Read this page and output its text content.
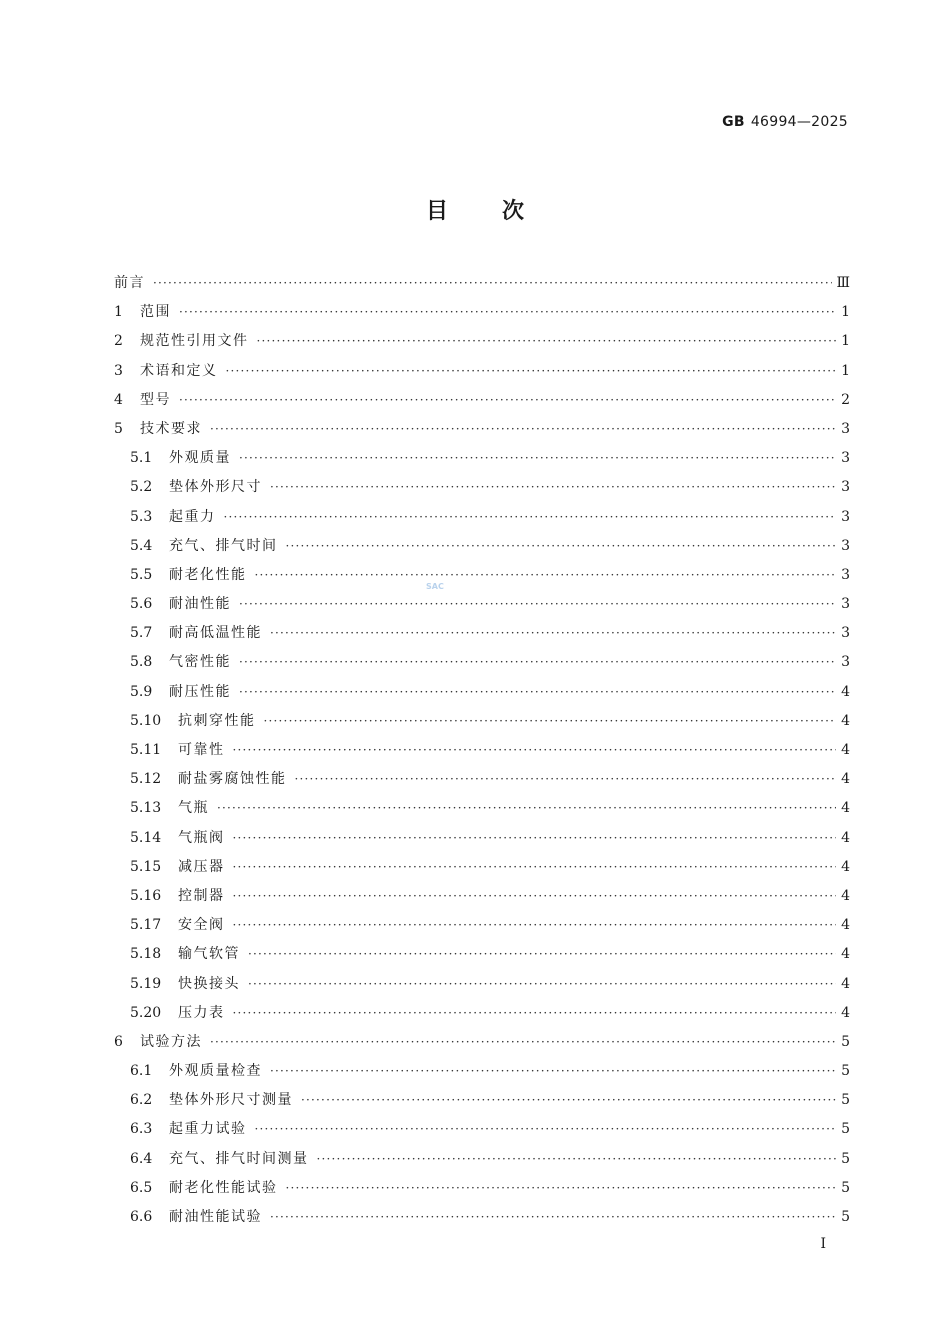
GB 46994—2025
目 次
前言 ·····	Ⅲ
1	范围 ·····	1
2	规范性引用文件 ·····	1
3	术语和定义 ·····	1
4	型号 ·····	2
5	技术要求 ·····	3
5.1	外观质量 ·····	3
5.2	垫体外形尺寸 ·····	3
5.3	起重力 ·····	3
5.4	充气、排气时间 ·····	3
5.5	耐老化性能 ·····	3
5.6	耐油性能 ·····	3
5.7	耐高低温性能 ·····	3
5.8	气密性能 ·····	3
5.9	耐压性能 ·····	4
5.10	抗刺穿性能 ·····	4
5.11	可靠性 ·····	4
5.12	耐盐雾腐蚀性能 ·····	4
5.13	气瓶 ·····	4
5.14	气瓶阀 ·····	4
5.15	减压器 ·····	4
5.16	控制器 ·····	4
5.17	安全阀 ·····	4
5.18	输气软管 ·····	4
5.19	快换接头 ·····	4
5.20	压力表 ·····	4
6	试验方法 ·····	5
6.1	外观质量检查 ·····	5
6.2	垫体外形尺寸测量 ·····	5
6.3	起重力试验 ·····	5
6.4	充气、排气时间测量 ·····	5
6.5	耐老化性能试验 ·····	5
6.6	耐油性能试验 ·····	5
SAC
I
